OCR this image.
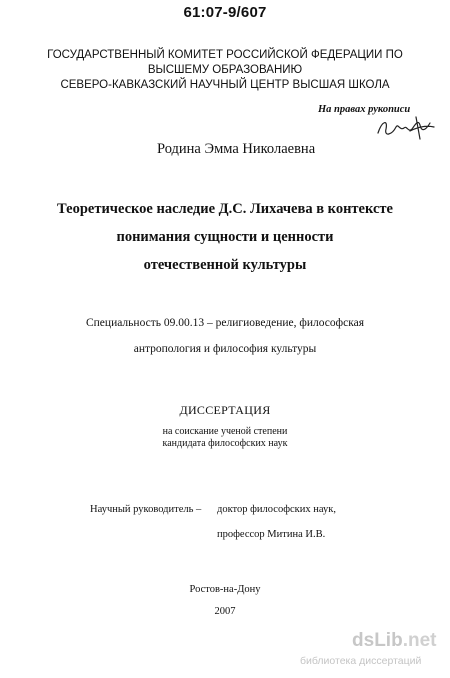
61:07-9/607
ГОСУДАРСТВЕННЫЙ КОМИТЕТ РОССИЙСКОЙ ФЕДЕРАЦИИ ПО
ВЫСШЕМУ ОБРАЗОВАНИЮ
СЕВЕРО-КАВКАЗСКИЙ НАУЧНЫЙ ЦЕНТР ВЫСШАЯ ШКОЛА
На правах рукописи
Родина Эмма Николаевна
Теоретическое наследие Д.С. Лихачева в контексте
понимания сущности и ценности
отечественной культуры
Специальность 09.00.13 – религиоведение, философская
антропология и философия культуры
ДИССЕРТАЦИЯ
на соискание ученой степени
кандидата философских наук
Научный руководитель – доктор философских наук,
профессор Митина И.В.
Ростов-на-Дону
2007
dsLib.net
библиотека диссертаций
